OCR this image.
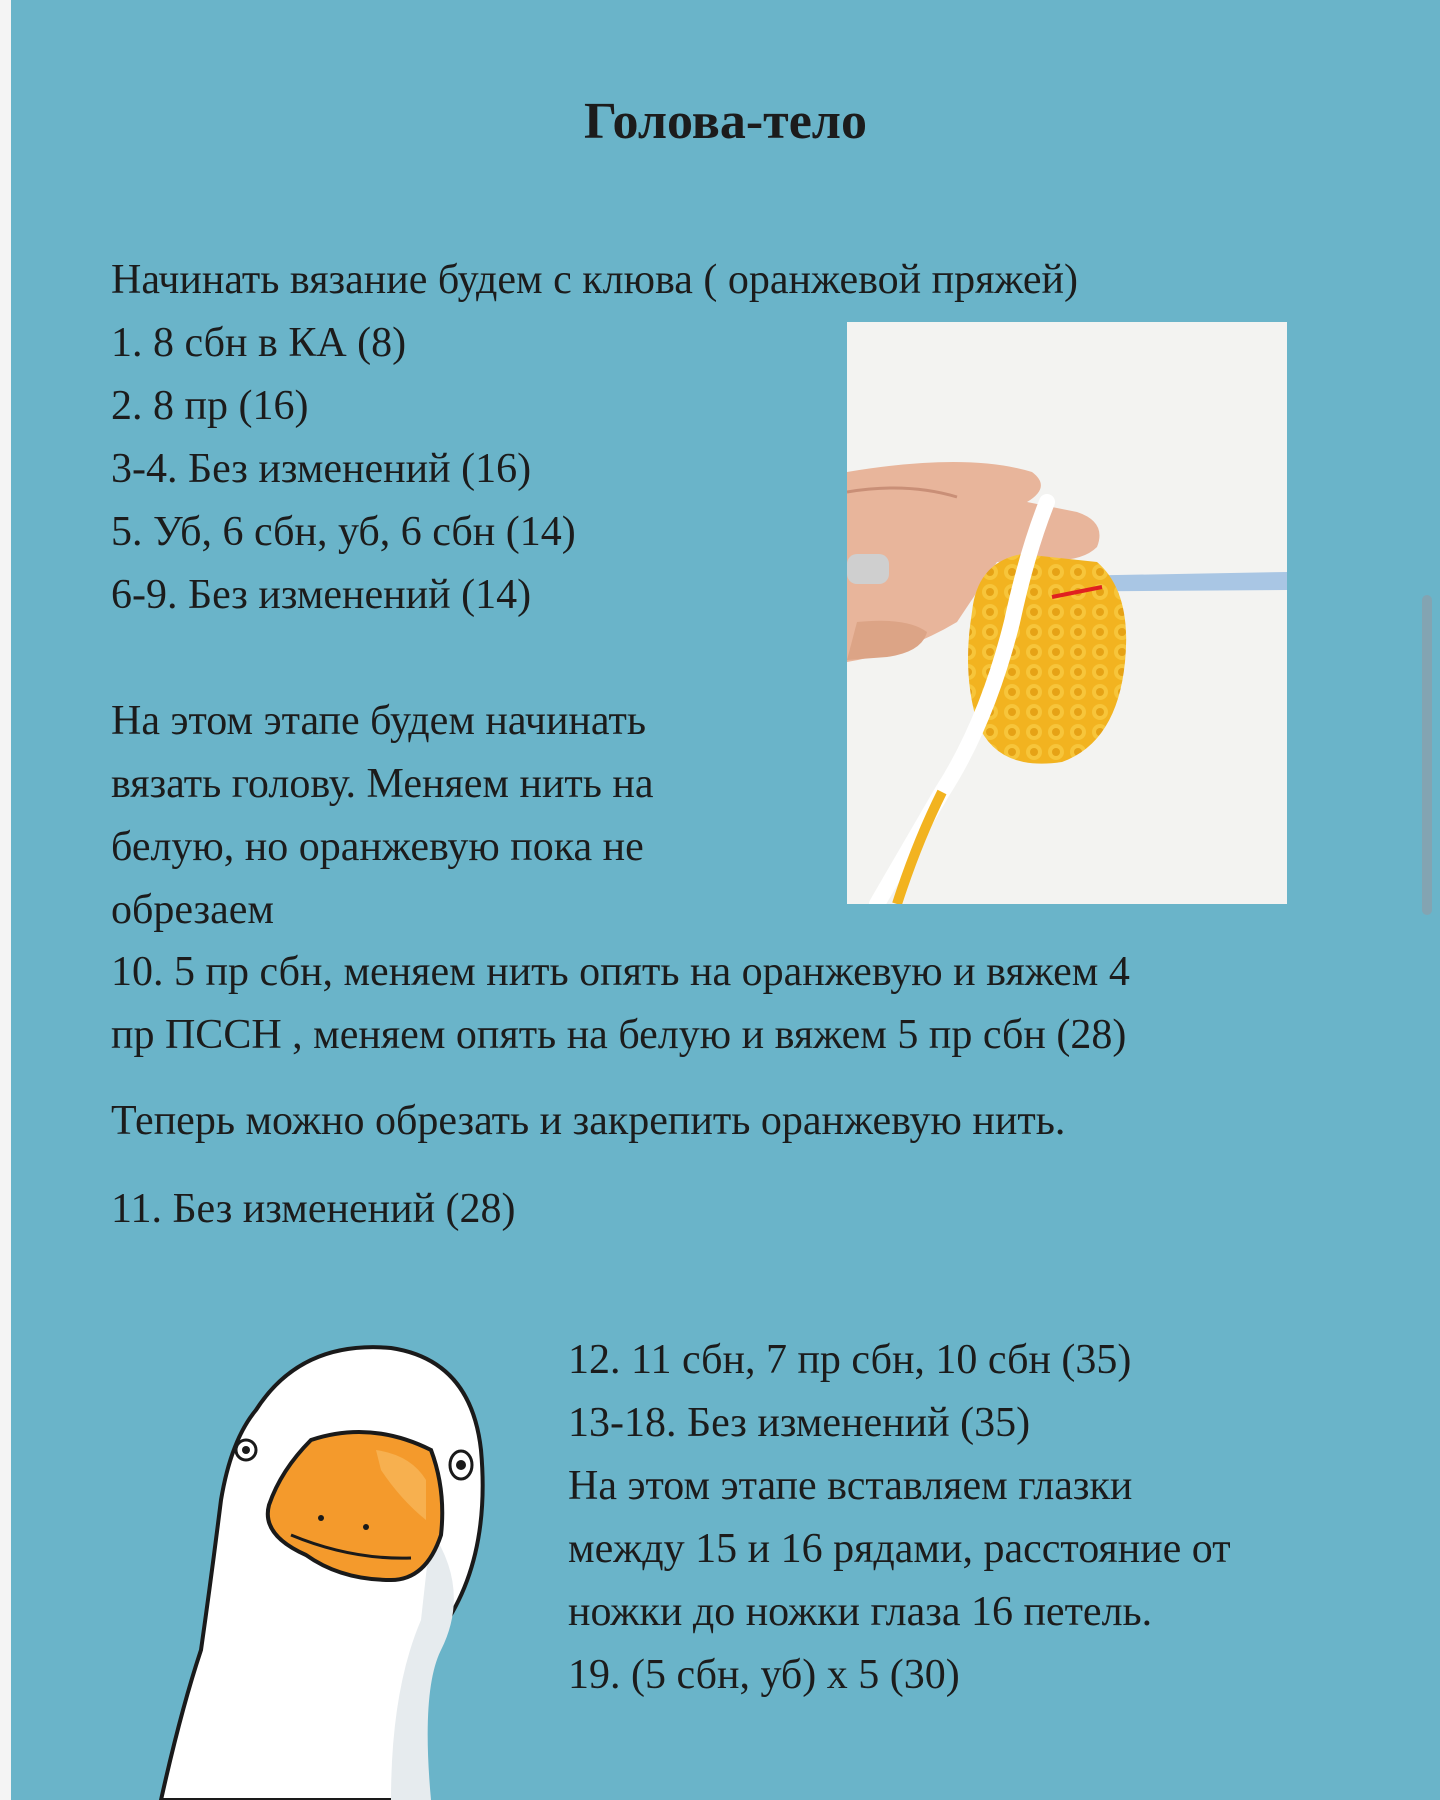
Голова-тело
Начинать вязание будем с клюва ( оранжевой пряжей)
1. 8 сбн в КА (8)
2. 8 пр (16)
3-4. Без изменений (16)
5. Уб, 6 сбн, уб, 6 сбн (14)
6-9. Без изменений (14)
На этом этапе будем начинать
вязать голову. Меняем нить на
белую, но оранжевую пока не
обрезаем
10. 5 пр сбн, меняем нить опять на оранжевую и вяжем 4
пр ПССН , меняем опять на белую и вяжем 5 пр сбн (28)
Теперь можно обрезать и закрепить оранжевую нить.
11. Без изменений (28)
12. 11 сбн, 7 пр сбн, 10 сбн (35)
13-18. Без изменений (35)
На этом этапе вставляем глазки
между 15 и 16 рядами, расстояние от
ножки до ножки глаза 16 петель.
19. (5 сбн, уб) х 5 (30)
